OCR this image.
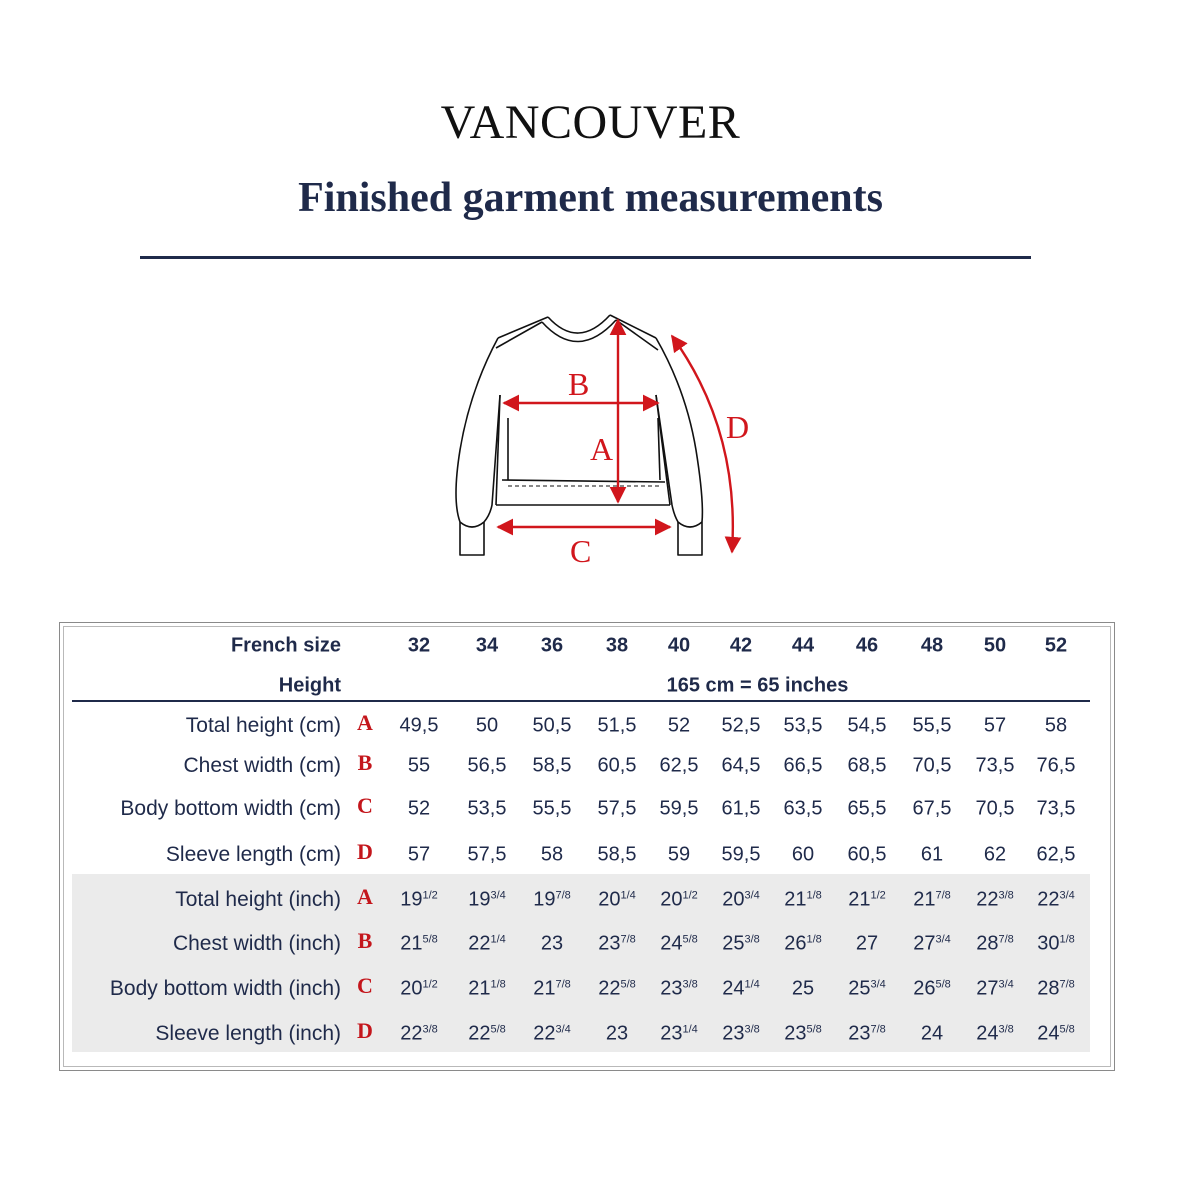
VANCOUVER
Finished garment measurements
B
A
C
D
French size	32 34 36 38 40 42 44 46 48 50 52
Height	165 cm = 65 inches
Total height (cm) A 49,5 50 50,5 51,5 52 52,5 53,5 54,5 55,5 57 58
Chest width (cm) B 55 56,5 58,5 60,5 62,5 64,5 66,5 68,5 70,5 73,5 76,5
Body bottom width (cm) C 52 53,5 55,5 57,5 59,5 61,5 63,5 65,5 67,5 70,5 73,5
Sleeve length (cm) D 57 57,5 58 58,5 59 59,5 60 60,5 61 62 62,5
Total height (inch) A $19^{1/2}$ $19^{3/4}$ $19^{7/8}$ $20^{1/4}$ $20^{1/2}$ $20^{3/4}$ $21^{1/8}$ $21^{1/2}$ $21^{7/8}$ $22^{3/8}$ $22^{3/4}$
Chest width (inch) B $21^{5/8}$ $22^{1/4}$ 23 $23^{7/8}$ $24^{5/8}$ $25^{3/8}$ $26^{1/8}$ 27 $27^{3/4}$ $28^{7/8}$ $30^{1/8}$
Body bottom width (inch) C $20^{1/2}$ $21^{1/8}$ $21^{7/8}$ $22^{5/8}$ $23^{3/8}$ $24^{1/4}$ 25 $25^{3/4}$ $26^{5/8}$ $27^{3/4}$ $28^{7/8}$
Sleeve length (inch) D $22^{3/8}$ $22^{5/8}$ $22^{3/4}$ 23 $23^{1/4}$ $23^{3/8}$ $23^{5/8}$ $23^{7/8}$ 24 $24^{3/8}$ $24^{5/8}$
